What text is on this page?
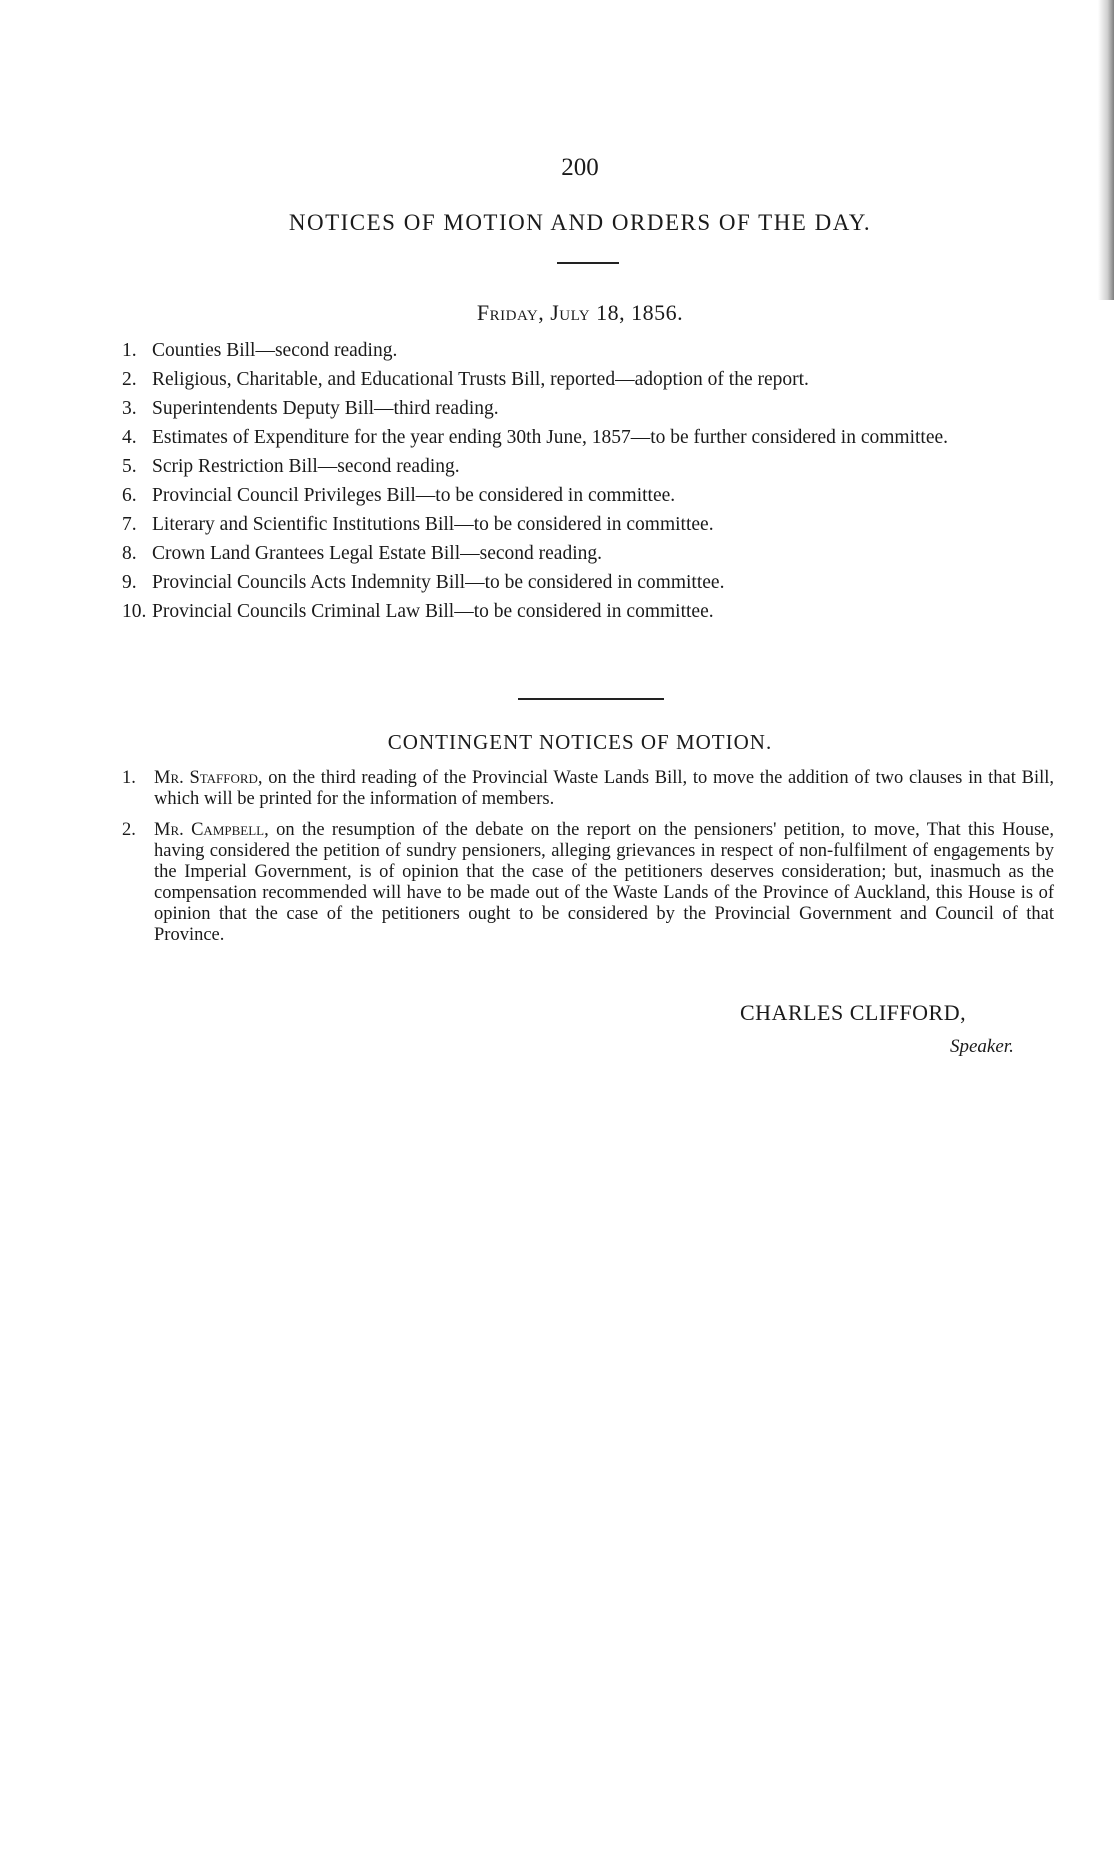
200
NOTICES OF MOTION AND ORDERS OF THE DAY.
Friday, July 18, 1856.
1. Counties Bill—second reading.
2. Religious, Charitable, and Educational Trusts Bill, reported—adoption of the report.
3. Superintendents Deputy Bill—third reading.
4. Estimates of Expenditure for the year ending 30th June, 1857—to be further considered in committee.
5. Scrip Restriction Bill—second reading.
6. Provincial Council Privileges Bill—to be considered in committee.
7. Literary and Scientific Institutions Bill—to be considered in committee.
8. Crown Land Grantees Legal Estate Bill—second reading.
9. Provincial Councils Acts Indemnity Bill—to be considered in committee.
10. Provincial Councils Criminal Law Bill—to be considered in committee.
CONTINGENT NOTICES OF MOTION.
1. Mr. Stafford, on the third reading of the Provincial Waste Lands Bill, to move the addition of two clauses in that Bill, which will be printed for the information of members.
2. Mr. Campbell, on the resumption of the debate on the report on the pensioners' petition, to move, That this House, having considered the petition of sundry pensioners, alleging grievances in respect of non-fulfilment of engagements by the Imperial Government, is of opinion that the case of the petitioners deserves consideration; but, inasmuch as the compensation recommended will have to be made out of the Waste Lands of the Province of Auckland, this House is of opinion that the case of the petitioners ought to be considered by the Provincial Government and Council of that Province.
CHARLES CLIFFORD,
Speaker.
